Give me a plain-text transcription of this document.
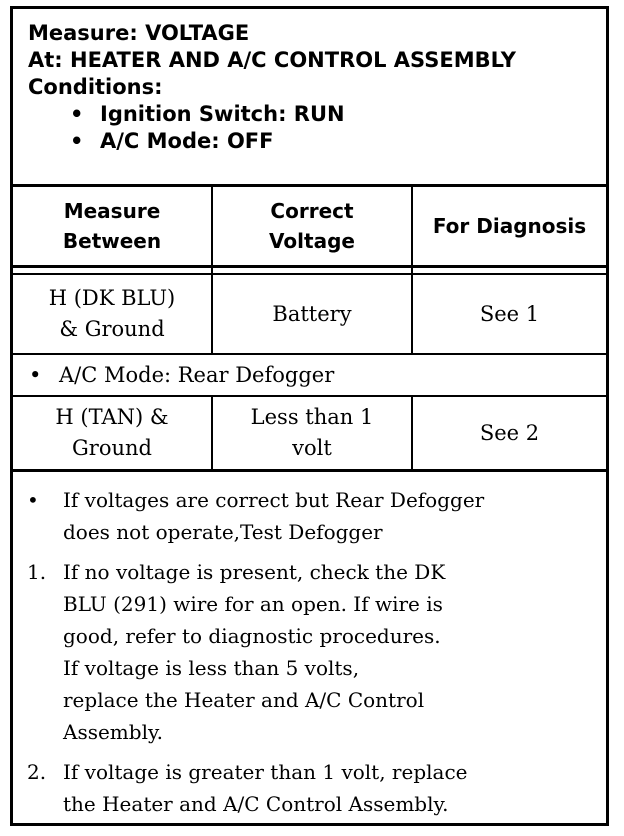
Measure: VOLTAGE
At: HEATER AND A/C CONTROL ASSEMBLY
Conditions:
• Ignition Switch: RUN
• A/C Mode: OFF
Measure
Between
Correct
Voltage
For Diagnosis
H (DK BLU)
& Ground
Battery	See 1
• A/C Mode: Rear Defogger
H (TAN) &
Ground
Less than 1
volt
See 2
•	If voltages are correct but Rear Defogger
does not operate,Test Defogger
1. If no voltage is present, check the DK
BLU (291) wire for an open. If wire is
good, refer to diagnostic procedures.
If voltage is less than 5 volts,
replace the Heater and A/C Control
Assembly.
2. If voltage is greater than 1 volt, replace
the Heater and A/C Control Assembly.
